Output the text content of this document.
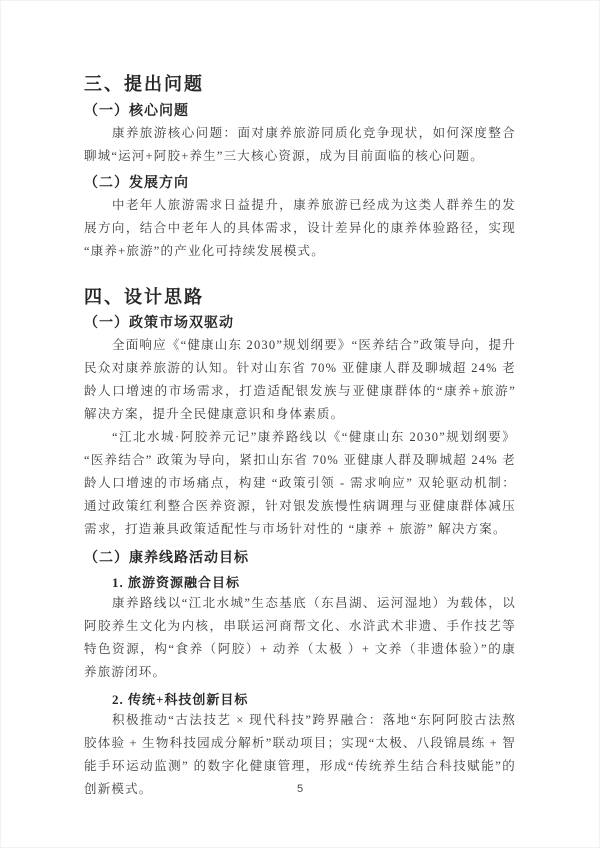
三、提出问题
（一）核心问题

康养旅游核心问题：面对康养旅游同质化竞争现状，如何深度整合聊城“运河+阿胶+养生”三大核心资源，成为目前面临的核心问题。

（二）发展方向

中老年人旅游需求日益提升，康养旅游已经成为这类人群养生的发展方向，结合中老年人的具体需求，设计差异化的康养体验路径，实现“康养+旅游”的产业化可持续发展模式。

四、设计思路
（一）政策市场双驱动

全面响应《“健康山东 2030”规划纲要》“医养结合”政策导向，提升民众对康养旅游的认知。针对山东省 70% 亚健康人群及聊城超 24% 老龄人口增速的市场需求，打造适配银发族与亚健康群体的“康养+旅游”解决方案，提升全民健康意识和身体素质。

“江北水城·阿胶养元记”康养路线以《“健康山东 2030”规划纲要》“医养结合” 政策为导向，紧扣山东省 70% 亚健康人群及聊城超 24% 老龄人口增速的市场痛点，构建 “政策引领 - 需求响应” 双轮驱动机制：通过政策红利整合医养资源，针对银发族慢性病调理与亚健康群体减压需求，打造兼具政策适配性与市场针对性的 “康养 + 旅游” 解决方案。

（二）康养线路活动目标
1. 旅游资源融合目标

康养路线以“江北水城”生态基底（东昌湖、运河湿地）为载体，以阿胶养生文化为内核，串联运河商帮文化、水浒武术非遗、手作技艺等特色资源，构“食养（阿胶）+ 动养（太极 ）+ 文养（非遗体验）”的康养旅游闭环。

2. 传统+科技创新目标

积极推动“古法技艺 × 现代科技”跨界融合：落地“东阿阿胶古法熬胶体验 + 生物科技园成分解析”联动项目；实现“太极、八段锦晨练 + 智能手环运动监测” 的数字化健康管理，形成“传统养生结合科技赋能”的创新模式。	5
